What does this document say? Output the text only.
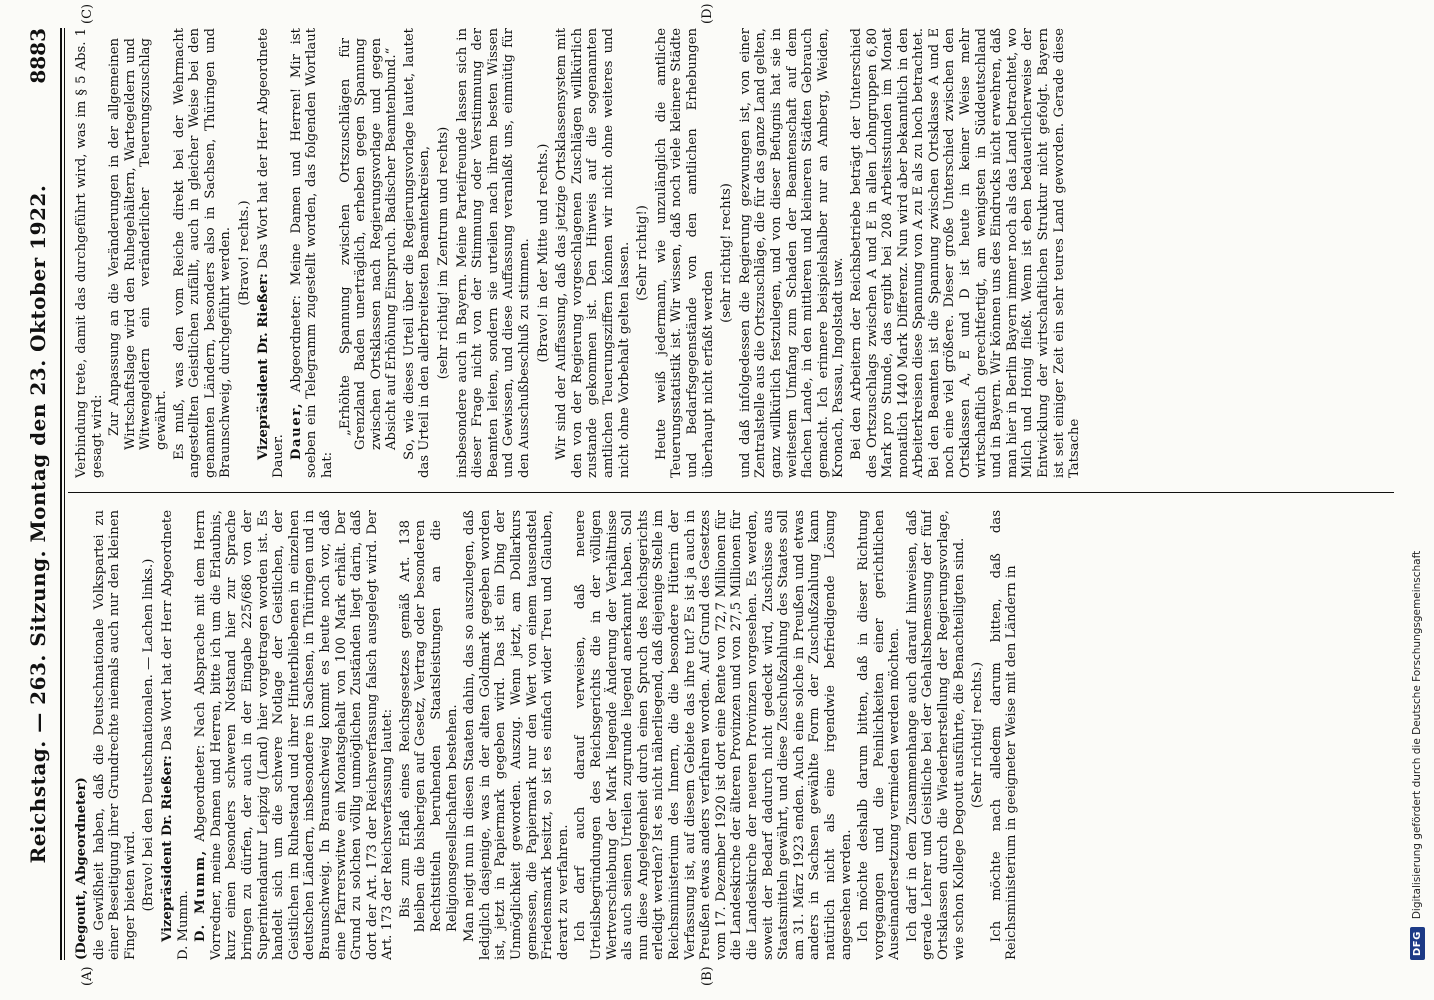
Reichstag. — 263. Sitzung. Montag den 23. Oktober 1922.
8883
(A)	(B)
(C)	(D)

(Degoutt, Abgeordneter) die Gewißheit haben, daß die Deutschnationale Volkspartei zu einer Beseitigung ihrer Grundrechte niemals auch nur den kleinen Finger bieten wird. (Bravo! bei den Deutschnationalen. — Lachen links.) Vizepräsident Dr. Rießer: Das Wort hat der Herr Abgeordnete D. Mumm. D. Mumm, Abgeordneter: Nach Absprache mit dem Herrn Vorredner, meine Damen und Herren, bitte ich um die Erlaubnis, kurz einen besonders schweren Notstand hier zur Sprache bringen zu dürfen, der auch in der Eingabe 225/686 von der Superintendantur Leipzig (Land) hier vorgetragen worden ist. Es handelt sich um die schwere Notlage der Geistlichen, der Geistlichen im Ruhestand und ihrer Hinterbliebenen in einzelnen deutschen Ländern, insbesondere in Sachsen, in Thüringen und in Braunschweig. In Braunschweig kommt es heute noch vor, daß eine Pfarrerswitwe ein Monatsgehalt von 100 Mark erhält. Der Grund zu solchen völlig unmöglichen Zuständen liegt darin, daß dort der Art. 173 der Reichsverfassung falsch ausgelegt wird. Der Art. 173 der Reichsverfassung lautet: Bis zum Erlaß eines Reichsgesetzes gemäß Art. 138 bleiben die bisherigen auf Gesetz, Vertrag oder besonderen Rechtstiteln beruhenden Staatsleistungen an die Religionsgesellschaften bestehen. Man neigt nun in diesen Staaten dahin, das so auszulegen, daß lediglich dasjenige, was in der alten Goldmark gegeben worden ist, jetzt in Papiermark gegeben wird. Das ist ein Ding der Unmöglichkeit geworden. Auszug. Wenn jetzt, am Dollarkurs gemessen, die Papiermark nur den Wert von einem tausendstel Friedensmark besitzt, so ist es einfach wider Treu und Glauben, derart zu verfahren. Ich darf auch darauf verweisen, daß neuere Urteilsbegründungen des Reichsgerichts die in der völligen Wertverschiebung der Mark liegende Änderung der Verhältnisse als auch seinen Urteilen zugrunde liegend anerkannt haben. Soll nun diese Angelegenheit durch einen Spruch des Reichsgerichts erledigt werden? Ist es nicht näherliegend, daß diejenige Stelle im Reichsministerium des Innern, die die besondere Hüterin der Verfassung ist, auf diesem Gebiete das ihre tut? Es ist ja auch in Preußen etwas anders verfahren worden. Auf Grund des Gesetzes vom 17. Dezember 1920 ist dort eine Rente von 72,7 Millionen für die Landeskirche der älteren Provinzen und von 27,5 Millionen für die Landeskirche der neueren Provinzen vorgesehen. Es werden, soweit der Bedarf dadurch nicht gedeckt wird, Zuschüsse aus Staatsmitteln gewährt, und diese Zuschußzahlung des Staates soll am 31. März 1923 enden. Auch eine solche in Preußen und etwas anders in Sachsen gewählte Form der Zuschußzahlung kann natürlich nicht als eine irgendwie befriedigende Lösung angesehen werden. Ich möchte deshalb darum bitten, daß in dieser Richtung vorgegangen und die Peinlichkeiten einer gerichtlichen Auseinandersetzung vermieden werden möchten. Ich darf in dem Zusammenhange auch darauf hinweisen, daß gerade Lehrer und Geistliche bei der Gehaltsbemessung der fünf Ortsklassen durch die Wiederherstellung der Regierungsvorlage, wie schon Kollege Degoutt ausführte, die Benachteiligten sind. (Sehr richtig! rechts.) Ich möchte nach alledem darum bitten, daß das Reichsministerium in geeigneter Weise mit den Ländern in

Verbindung trete, damit das durchgeführt wird, was im § 5 Abs. 1 gesagt wird:

Zur Anpassung an die Veränderungen in der allgemeinen Wirtschaftslage wird den Ruhegehältern, Wartegeldern und Witwengeldern ein veränderlicher Teuerungszuschlag gewährt. Es muß, was den vom Reiche direkt bei der Wehrmacht angestellten Geistlichen zufällt, auch in gleicher Weise bei den genannten Ländern, besonders also in Sachsen, Thüringen und Braunschweig, durchgeführt werden. (Bravo! rechts.)

Vizepräsident Dr. Rießer: Das Wort hat der Herr Abgeordnete Dauer. Dauer, Abgeordneter: Meine Damen und Herren! Mir ist soeben ein Telegramm zugestellt worden, das folgenden Wortlaut hat:

„Erhöhte Spannung zwischen Ortszuschlägen für Grenzland Baden unerträglich, erheben gegen Spannung zwischen Ortsklassen nach Regierungsvorlage und gegen Absicht auf Erhöhung Einspruch. Badischer Beamtenbund.“ So, wie dieses Urteil über die Regierungsvorlage lautet, lautet das Urteil in den allerbreitesten Beamtenkreisen, (sehr richtig! im Zentrum und rechts) insbesondere auch in Bayern. Meine Parteifreunde lassen sich in dieser Frage nicht von der Stimmung oder Verstimmung der Beamten leiten, sondern sie urteilen nach ihrem besten Wissen und Gewissen, und diese Auffassung veranlaßt uns, einmütig für den Ausschußbeschluß zu stimmen. (Bravo! in der Mitte und rechts.) Wir sind der Auffassung, daß das jetzige Ortsklassensystem mit den von der Regierung vorgeschlagenen Zuschlägen willkürlich zustande gekommen ist. Den Hinweis auf die sogenannten amtlichen Teuerungsziffern können wir nicht ohne weiteres und nicht ohne Vorbehalt gelten lassen. (Sehr richtig!) Heute weiß jedermann, wie unzulänglich die amtliche Teuerungsstatistik ist. Wir wissen, daß noch viele kleinere Städte und Bedarfsgegenstände von den amtlichen Erhebungen überhaupt nicht erfaßt werden

(sehr richtig! rechts) und daß infolgedessen die Regierung gezwungen ist, von einer Zentralstelle aus die Ortszuschläge, die für das ganze Land gelten, ganz willkürlich festzulegen, und von dieser Befugnis hat sie in weitestem Umfang zum Schaden der Beamtenschaft auf dem flachen Lande, in den mittleren und kleineren Städten Gebrauch gemacht. Ich erinnere beispielshalber nur an Amberg, Weiden, Kronach, Passau, Ingolstadt usw. Bei den Arbeitern der Reichsbetriebe beträgt der Unterschied des Ortszuschlags zwischen A und E in allen Lohngruppen 6,80 Mark pro Stunde, das ergibt bei 208 Arbeitsstunden im Monat monatlich 1440 Mark Differenz. Nun wird aber bekanntlich in den Arbeiterkreisen diese Spannung von A zu E als zu hoch betrachtet. Bei den Beamten ist die Spannung zwischen Ortsklasse A und E noch eine viel größere. Dieser große Unterschied zwischen den Ortsklassen A, E und D ist heute in keiner Weise mehr wirtschaftlich gerechtfertigt, am wenigsten in Süddeutschland und in Bayern. Wir können uns des Eindrucks nicht erwehren, daß man hier in Berlin Bayern immer noch als das Land betrachtet, wo Milch und Honig fließt. Wenn ist eben bedauerlicherweise der Entwicklung der wirtschaftlichen Struktur nicht gefolgt. Bayern ist seit einiger Zeit ein sehr teures Land geworden. Gerade diese Tatsache

DFG
Digitalisierung gefördert durch die Deutsche Forschungsgemeinschaft
